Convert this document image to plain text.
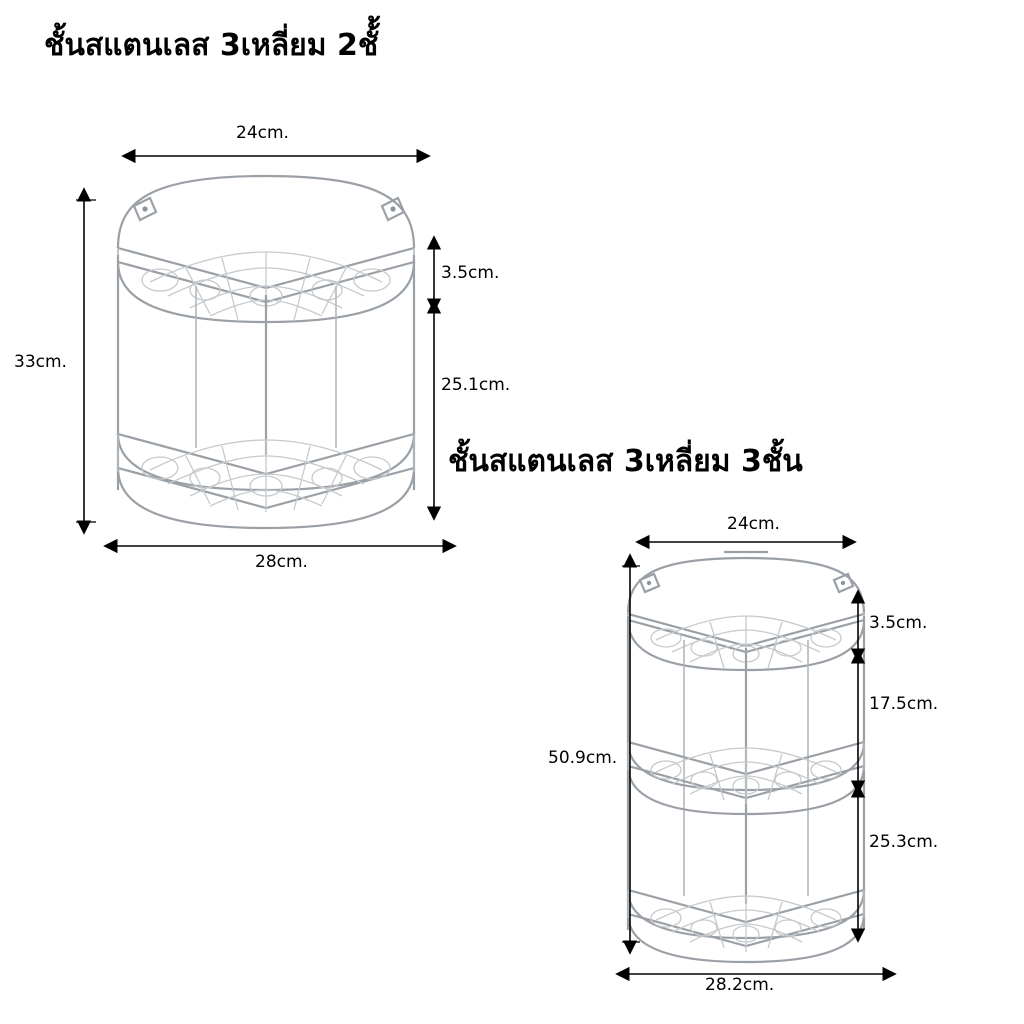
ชั้นสแตนเลส 3เหลี่ยม 2ชั้้
ชั้นสแตนเลส 3เหลี่ยม 3ชั้น
24cm.
33cm.
3.5cm.
25.1cm.
28cm.
24cm.
50.9cm.
3.5cm.
17.5cm.
25.3cm.
28.2cm.
